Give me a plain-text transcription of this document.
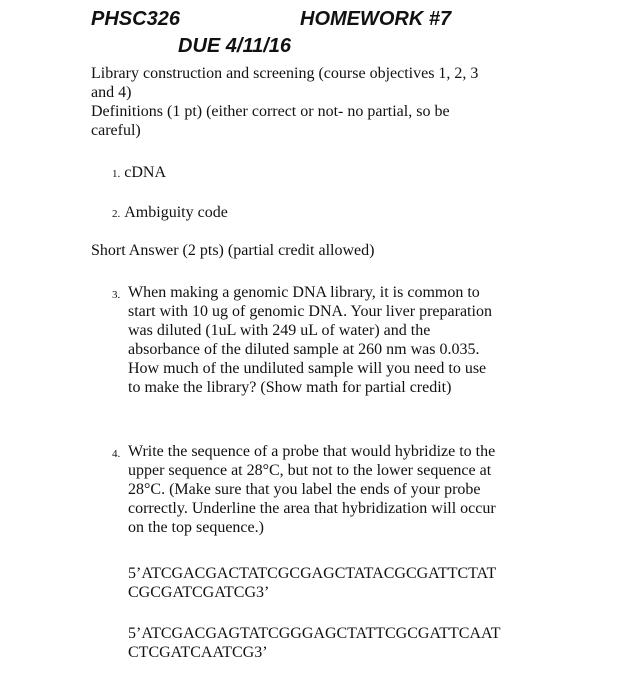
PHSC326	HOMEWORK #7
DUE 4/11/16
Library construction and screening (course objectives 1, 2, 3
and 4)
Definitions (1 pt) (either correct or not- no partial, so be
careful)
1. cDNA
2. Ambiguity code
Short Answer (2 pts) (partial credit allowed)
3. When making a genomic DNA library, it is common to
start with 10 ug of genomic DNA. Your liver preparation
was diluted (1uL with 249 uL of water) and the
absorbance of the diluted sample at 260 nm was 0.035.
How much of the undiluted sample will you need to use
to make the library? (Show math for partial credit)
4. Write the sequence of a probe that would hybridize to the
upper sequence at 28°C, but not to the lower sequence at
28°C. (Make sure that you label the ends of your probe
correctly. Underline the area that hybridization will occur
on the top sequence.)
5’ATCGACGACTATCGCGAGCTATACGCGATTCTAT
CGCGATCGATCG3’
5’ATCGACGAGTATCGGGAGCTATTCGCGATTCAAT
CTCGATCAATCG3’
